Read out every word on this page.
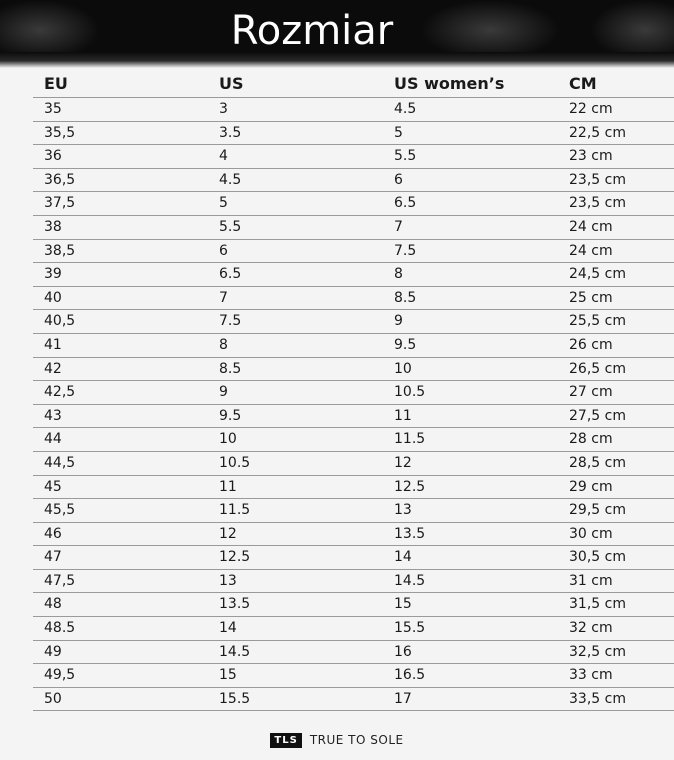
Rozmiar
EU	US	US women’s	CM
35	3	4.5	22 cm
35,5	3.5	5	22,5 cm
36	4	5.5	23 cm
36,5	4.5	6	23,5 cm
37,5	5	6.5	23,5 cm
38	5.5	7	24 cm
38,5	6	7.5	24 cm
39	6.5	8	24,5 cm
40	7	8.5	25 cm
40,5	7.5	9	25,5 cm
41	8	9.5	26 cm
42	8.5	10	26,5 cm
42,5	9	10.5	27 cm
43	9.5	11	27,5 cm
44	10	11.5	28 cm
44,5	10.5	12	28,5 cm
45	11	12.5	29 cm
45,5	11.5	13	29,5 cm
46	12	13.5	30 cm
47	12.5	14	30,5 cm
47,5	13	14.5	31 cm
48	13.5	15	31,5 cm
48.5	14	15.5	32 cm
49	14.5	16	32,5 cm
49,5	15	16.5	33 cm
50	15.5	17	33,5 cm
TLS	TRUE TO SOLE
